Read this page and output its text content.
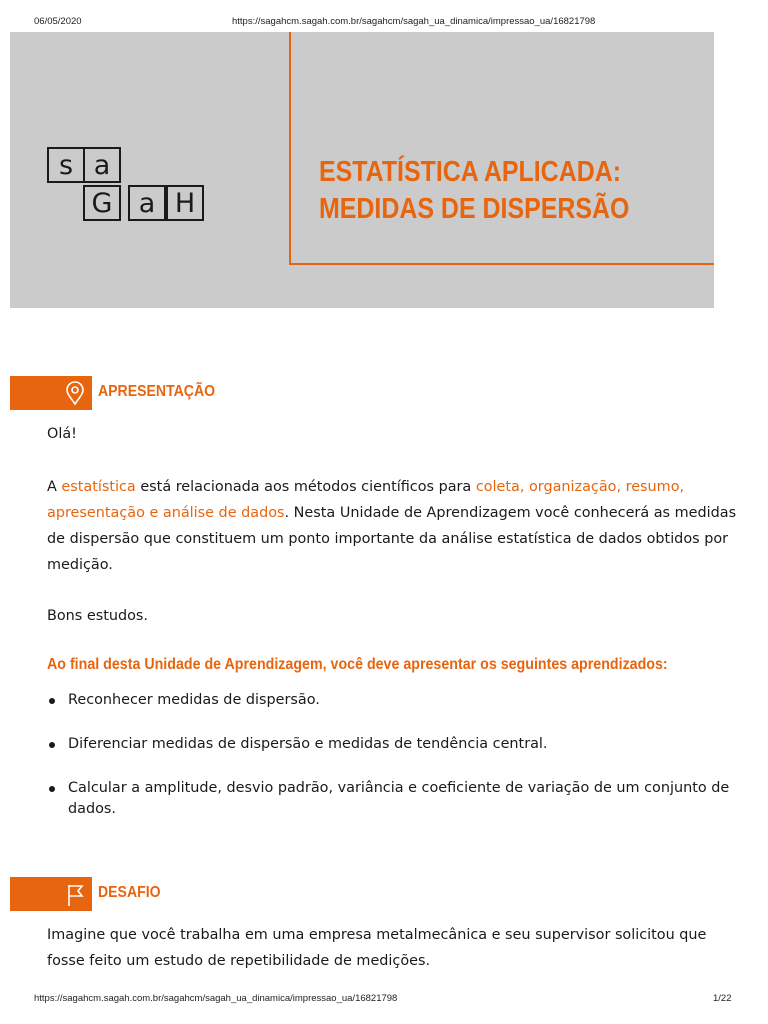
06/05/2020	https://sagahcm.sagah.com.br/sagahcm/sagah_ua_dinamica/impressao_ua/16821798
s a
G a H
ESTATÍSTICA APLICADA:
MEDIDAS DE DISPERSÃO
APRESENTAÇÃO
Olá!
A estatística está relacionada aos métodos científicos para coleta, organização, resumo, apresentação e análise de dados. Nesta Unidade de Aprendizagem você conhecerá as medidas de dispersão que constituem um ponto importante da análise estatística de dados obtidos por medição.
Bons estudos.
Ao final desta Unidade de Aprendizagem, você deve apresentar os seguintes aprendizados:
Reconhecer medidas de dispersão.
Diferenciar medidas de dispersão e medidas de tendência central.
Calcular a amplitude, desvio padrão, variância e coeficiente de variação de um conjunto de dados.
DESAFIO
Imagine que você trabalha em uma empresa metalmecânica e seu supervisor solicitou que fosse feito um estudo de repetibilidade de medições.
https://sagahcm.sagah.com.br/sagahcm/sagah_ua_dinamica/impressao_ua/16821798	1/22
